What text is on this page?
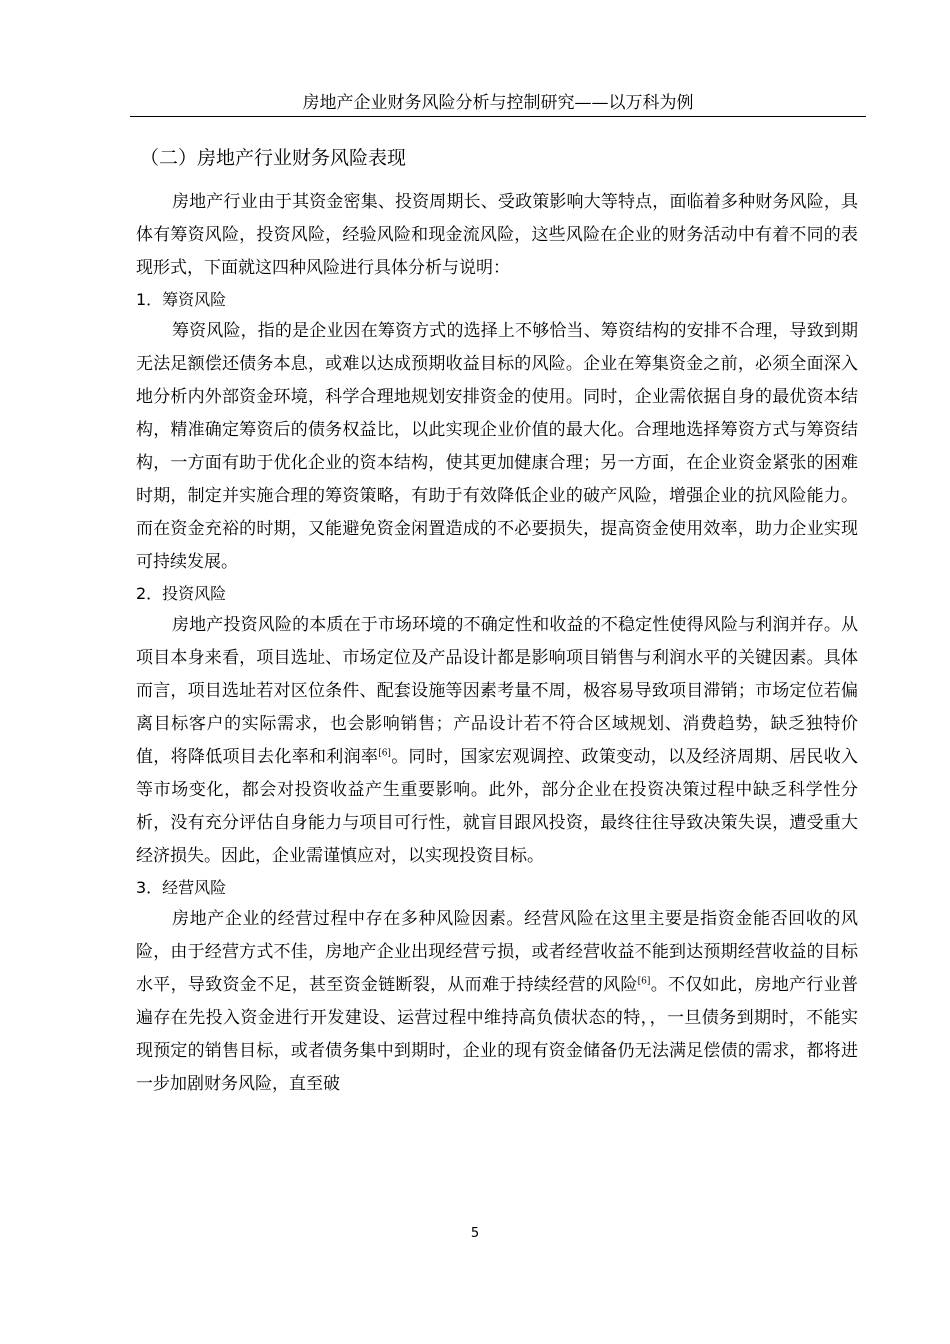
房地产企业财务风险分析与控制研究——以万科为例
（二）房地产行业财务风险表现

房地产行业由于其资金密集、投资周期长、受政策影响大等特点，面临着多种财务风险，具体有筹资风险，投资风险，经验风险和现金流风险，这些风险在企业的财务活动中有着不同的表现形式，下面就这四种风险进行具体分析与说明：

1．筹资风险

筹资风险，指的是企业因在筹资方式的选择上不够恰当、筹资结构的安排不合理，导致到期无法足额偿还债务本息，或难以达成预期收益目标的风险。企业在筹集资金之前，必须全面深入地分析内外部资金环境，科学合理地规划安排资金的使用。同时，企业需依据自身的最优资本结构，精准确定筹资后的债务权益比，以此实现企业价值的最大化。合理地选择筹资方式与筹资结构，一方面有助于优化企业的资本结构，使其更加健康合理；另一方面，在企业资金紧张的困难时期，制定并实施合理的筹资策略，有助于有效降低企业的破产风险，增强企业的抗风险能力。而在资金充裕的时期，又能避免资金闲置造成的不必要损失，提高资金使用效率，助力企业实现可持续发展。

2．投资风险

房地产投资风险的本质在于市场环境的不确定性和收益的不稳定性使得风险与利润并存。从项目本身来看，项目选址、市场定位及产品设计都是影响项目销售与利润水平的关键因素。具体而言，项目选址若对区位条件、配套设施等因素考量不周，极容易导致项目滞销；市场定位若偏离目标客户的实际需求，也会影响销售；产品设计若不符合区域规划、消费趋势，缺乏独特价值，将降低项目去化率和利润率[6]。同时，国家宏观调控、政策变动，以及经济周期、居民收入等市场变化，都会对投资收益产生重要影响。此外，部分企业在投资决策过程中缺乏科学性分析，没有充分评估自身能力与项目可行性，就盲目跟风投资，最终往往导致决策失误，遭受重大经济损失。因此，企业需谨慎应对，以实现投资目标。

3．经营风险

房地产企业的经营过程中存在多种风险因素。经营风险在这里主要是指资金能否回收的风险，由于经营方式不佳，房地产企业出现经营亏损，或者经营收益不能到达预期经营收益的目标水平，导致资金不足，甚至资金链断裂，从而难于持续经营的风险[6]。不仅如此，房地产行业普遍存在先投入资金进行开发建设、运营过程中维持高负债状态的特，，一旦债务到期时，不能实现预定的销售目标，或者债务集中到期时，企业的现有资金储备仍无法满足偿债的需求，都将进一步加剧财务风险，直至破

5
